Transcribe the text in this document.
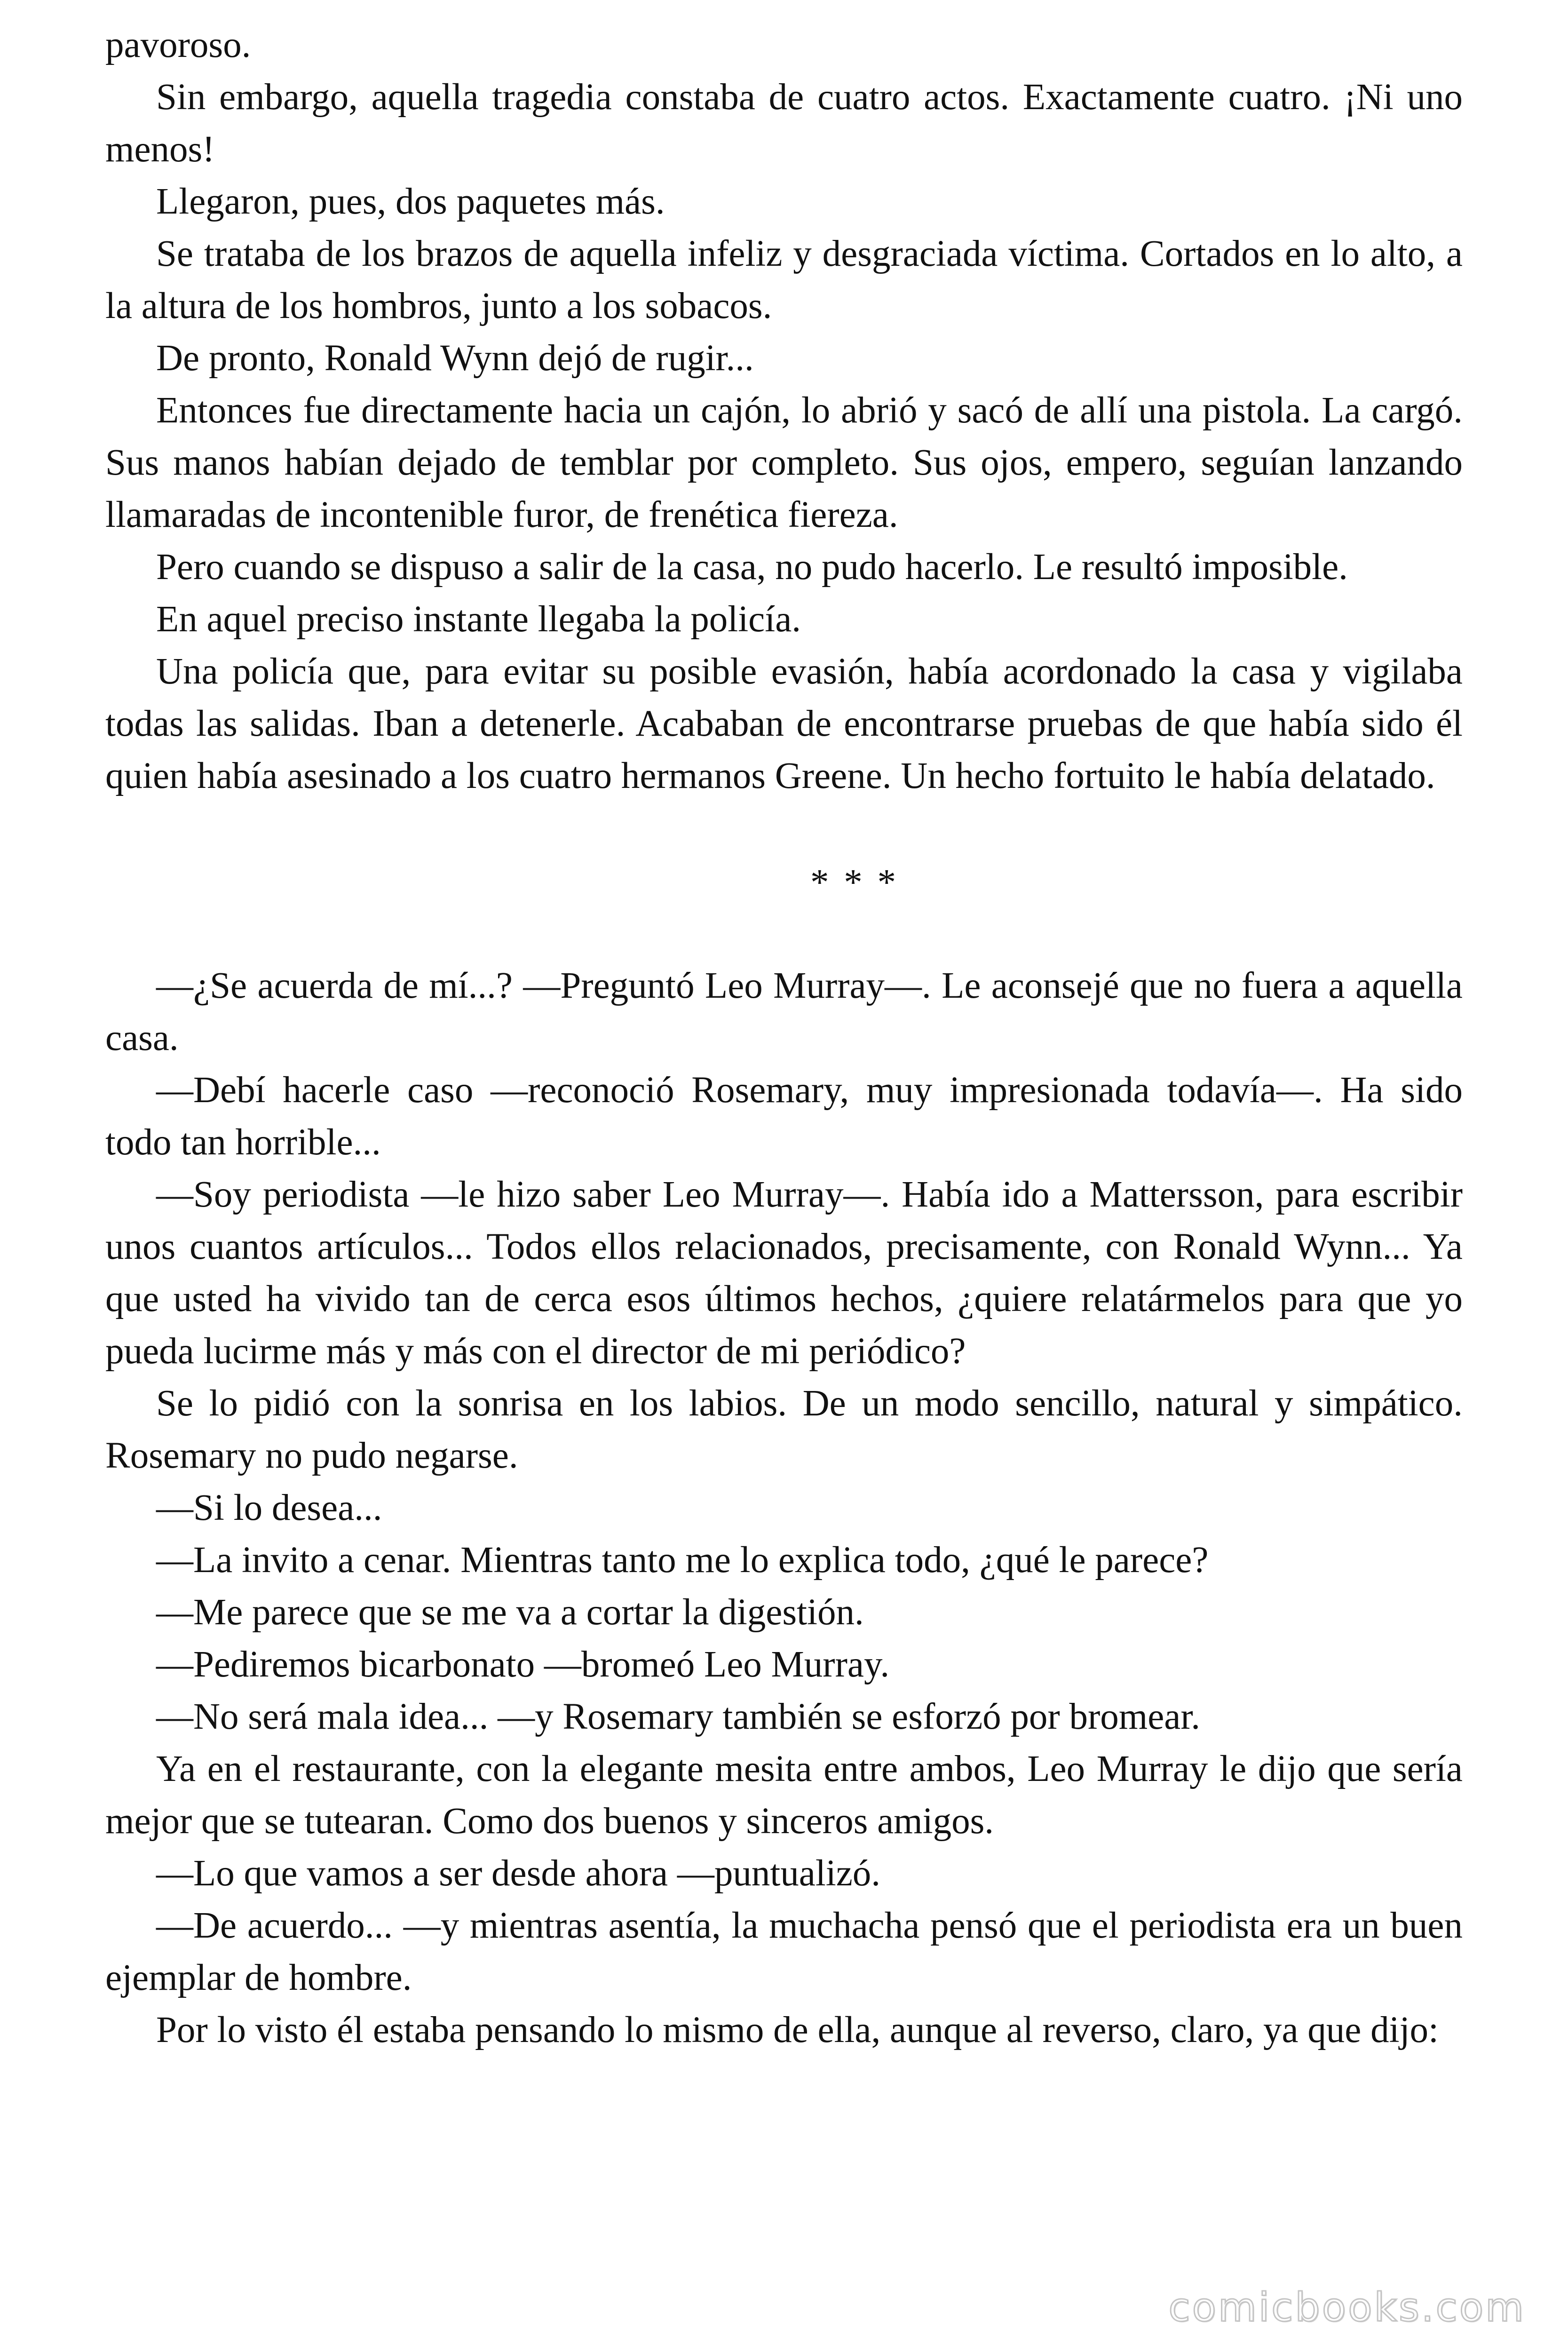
pavoroso.

Sin embargo, aquella tragedia constaba de cuatro actos. Exactamente cuatro. ¡Ni uno menos!

Llegaron, pues, dos paquetes más.

Se trataba de los brazos de aquella infeliz y desgraciada víctima. Cortados en lo alto, a la altura de los hombros, junto a los sobacos.

De pronto, Ronald Wynn dejó de rugir...

Entonces fue directamente hacia un cajón, lo abrió y sacó de allí una pistola. La cargó. Sus manos habían dejado de temblar por completo. Sus ojos, empero, seguían lanzando llamaradas de incontenible furor, de frenética fiereza.

Pero cuando se dispuso a salir de la casa, no pudo hacerlo. Le resultó imposible.

En aquel preciso instante llegaba la policía.

Una policía que, para evitar su posible evasión, había acordonado la casa y vigilaba todas las salidas. Iban a detenerle. Acababan de encontrarse pruebas de que había sido él quien había asesinado a los cuatro hermanos Greene. Un hecho fortuito le había delatado.

* * *

—¿Se acuerda de mí...? —Preguntó Leo Murray—. Le aconsejé que no fuera a aquella casa.

—Debí hacerle caso —reconoció Rosemary, muy impresionada todavía—. Ha sido todo tan horrible...

—Soy periodista —le hizo saber Leo Murray—. Había ido a Mattersson, para escribir unos cuantos artículos... Todos ellos relacionados, precisamente, con Ronald Wynn... Ya que usted ha vivido tan de cerca esos últimos hechos, ¿quiere relatármelos para que yo pueda lucirme más y más con el director de mi periódico?

Se lo pidió con la sonrisa en los labios. De un modo sencillo, natural y simpático. Rosemary no pudo negarse.

—Si lo desea...

—La invito a cenar. Mientras tanto me lo explica todo, ¿qué le parece?

—Me parece que se me va a cortar la digestión.

—Pediremos bicarbonato —bromeó Leo Murray.

—No será mala idea... —y Rosemary también se esforzó por bromear.

Ya en el restaurante, con la elegante mesita entre ambos, Leo Murray le dijo que sería mejor que se tutearan. Como dos buenos y sinceros amigos.

—Lo que vamos a ser desde ahora —puntualizó.

—De acuerdo... —y mientras asentía, la muchacha pensó que el periodista era un buen ejemplar de hombre.

Por lo visto él estaba pensando lo mismo de ella, aunque al reverso, claro, ya que dijo:

comicbooks.com
